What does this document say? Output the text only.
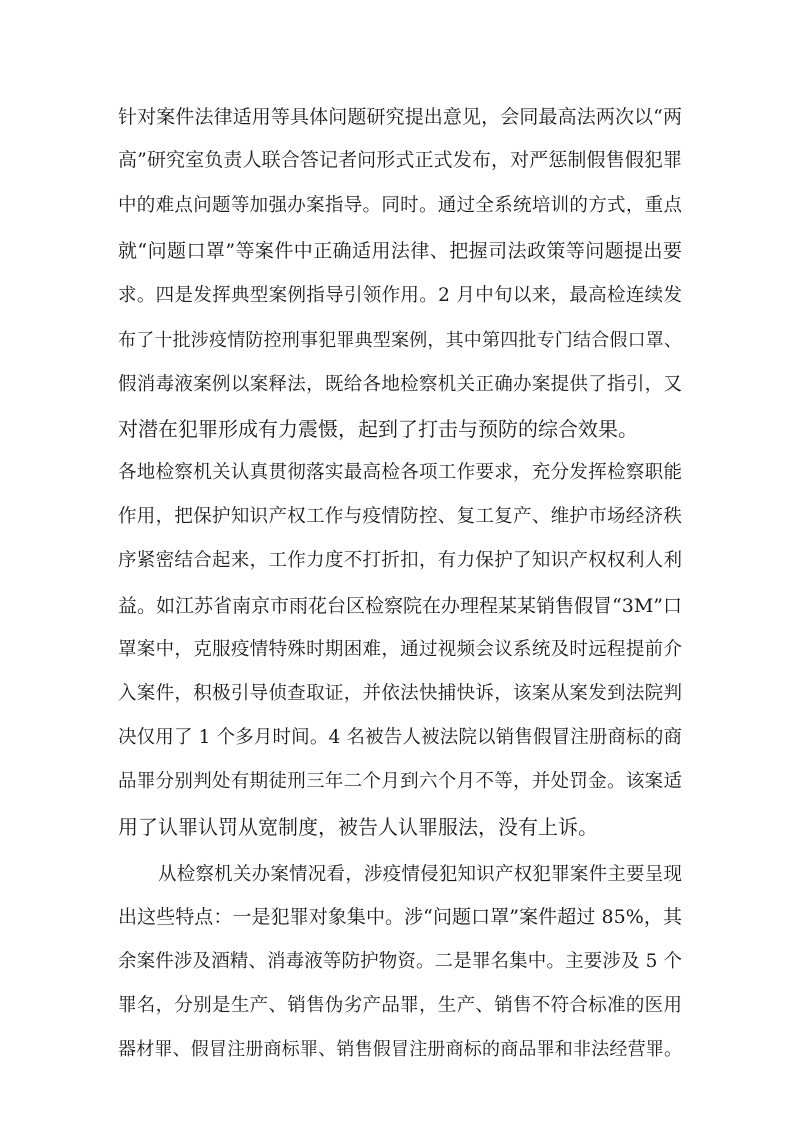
针对案件法律适用等具体问题研究提出意见，会同最高法两次以“两

高”研究室负责人联合答记者问形式正式发布，对严惩制假售假犯罪

中的难点问题等加强办案指导。同时。通过全系统培训的方式，重点

就“问题口罩”等案件中正确适用法律、把握司法政策等问题提出要

求。四是发挥典型案例指导引领作用。2 月中旬以来，最高检连续发

布了十批涉疫情防控刑事犯罪典型案例，其中第四批专门结合假口罩、

假消毒液案例以案释法，既给各地检察机关正确办案提供了指引，又

对潜在犯罪形成有力震慑，起到了打击与预防的综合效果。

各地检察机关认真贯彻落实最高检各项工作要求，充分发挥检察职能

作用，把保护知识产权工作与疫情防控、复工复产、维护市场经济秩

序紧密结合起来，工作力度不打折扣，有力保护了知识产权权利人利

益。如江苏省南京市雨花台区检察院在办理程某某销售假冒“3M”口

罩案中，克服疫情特殊时期困难，通过视频会议系统及时远程提前介

入案件，积极引导侦查取证，并依法快捕快诉，该案从案发到法院判

决仅用了 1 个多月时间。4 名被告人被法院以销售假冒注册商标的商

品罪分别判处有期徒刑三年二个月到六个月不等，并处罚金。该案适

用了认罪认罚从宽制度，被告人认罪服法，没有上诉。

从检察机关办案情况看，涉疫情侵犯知识产权犯罪案件主要呈现

出这些特点：一是犯罪对象集中。涉“问题口罩”案件超过 85%，其

余案件涉及酒精、消毒液等防护物资。二是罪名集中。主要涉及 5 个

罪名，分别是生产、销售伪劣产品罪，生产、销售不符合标准的医用

器材罪、假冒注册商标罪、销售假冒注册商标的商品罪和非法经营罪。
